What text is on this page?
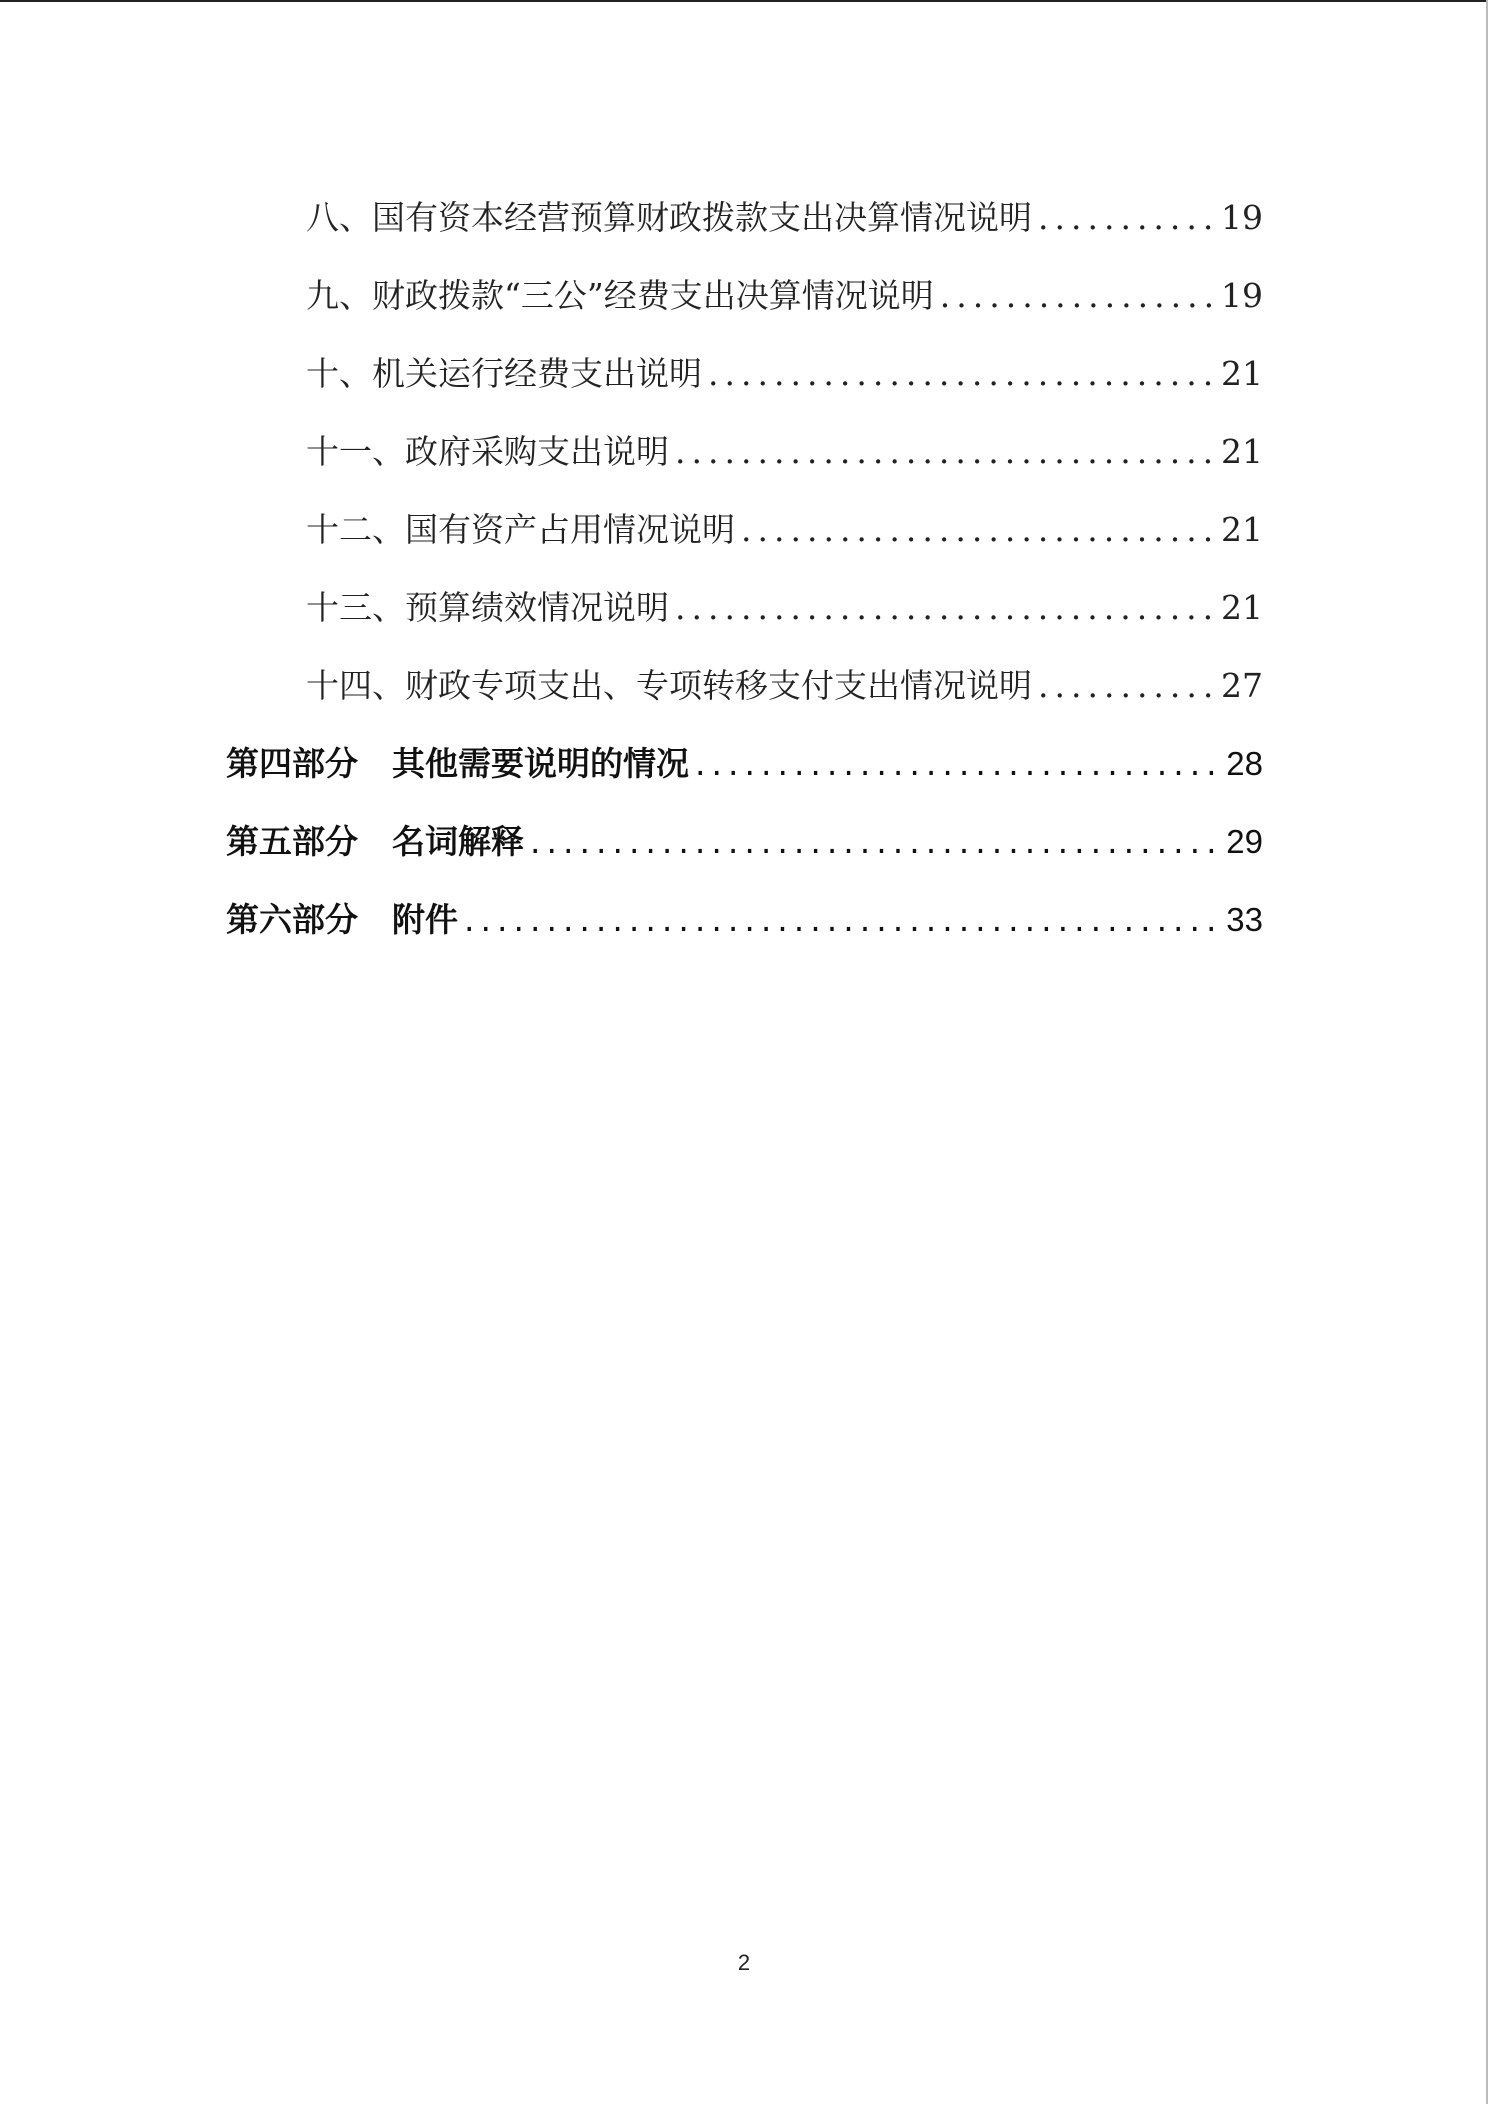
八、国有资本经营预算财政拨款支出决算情况说明 .....	19
九、财政拨款“三公”经费支出决算情况说明 .....	19
十、机关运行经费支出说明 .....	21
十一、政府采购支出说明 .....	21
十二、国有资产占用情况说明 .....	21
十三、预算绩效情况说明 .....	21
十四、财政专项支出、专项转移支付支出情况说明 .....	27
第四部分 其他需要说明的情况 .....	28
第五部分 名词解释 .....	29
第六部分 附件 .....	33
2
